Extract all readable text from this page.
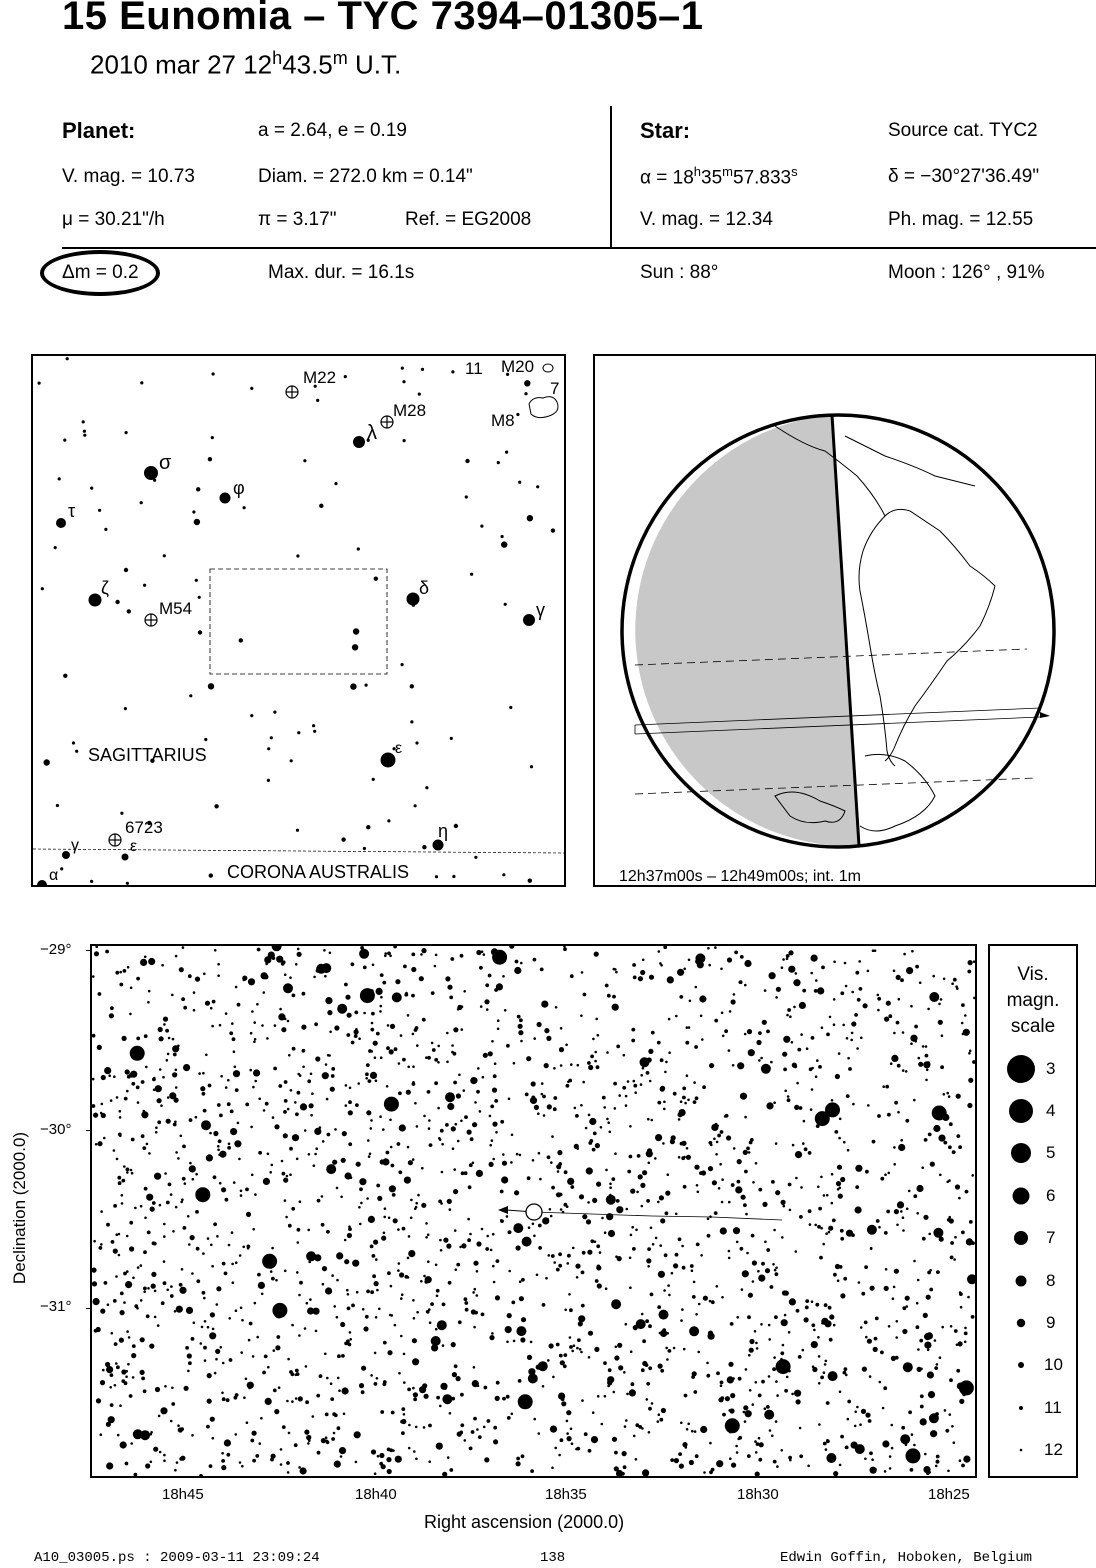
15 Eunomia – TYC 7394–01305–1
2010 mar 27 12$^h$43.5$^m$ U.T.
Planet:	a = 2.64, e = 0.19
V. mag. = 10.73	Diam. = 272.0 km = 0.14"
μ = 30.21"/h	π = 3.17"	Ref. = EG2008
Star:	Source cat. TYC2
$\alpha = 18^h35^m57.833^s$	δ = −30°27'36.49"
V. mag. = 12.34	Ph. mag. = 12.55
Δm = 0.2	Max. dur. = 16.1s	Sun : 88°	Moon : 126° , 91%
M22
M20
11
7
M8
M28
λ
σ
φ
τ
ζ
M54
δ
γ
SAGITTARIUS	ε
6723	η
γ	ε
α	CORONA AUSTRALIS	12h37m00s – 12h49m00s; int. 1m
−29°
−30°
−31°
18h45	18h40	18h35	18h30	18h25
Right ascension (2000.0)
Declination (2000.0)
Vis.
magn.
scale
3
4
5
6
7
8
9
10
11
12
A10_03005.ps : 2009-03-11 23:09:24	138	Edwin Goffin, Hoboken, Belgium
